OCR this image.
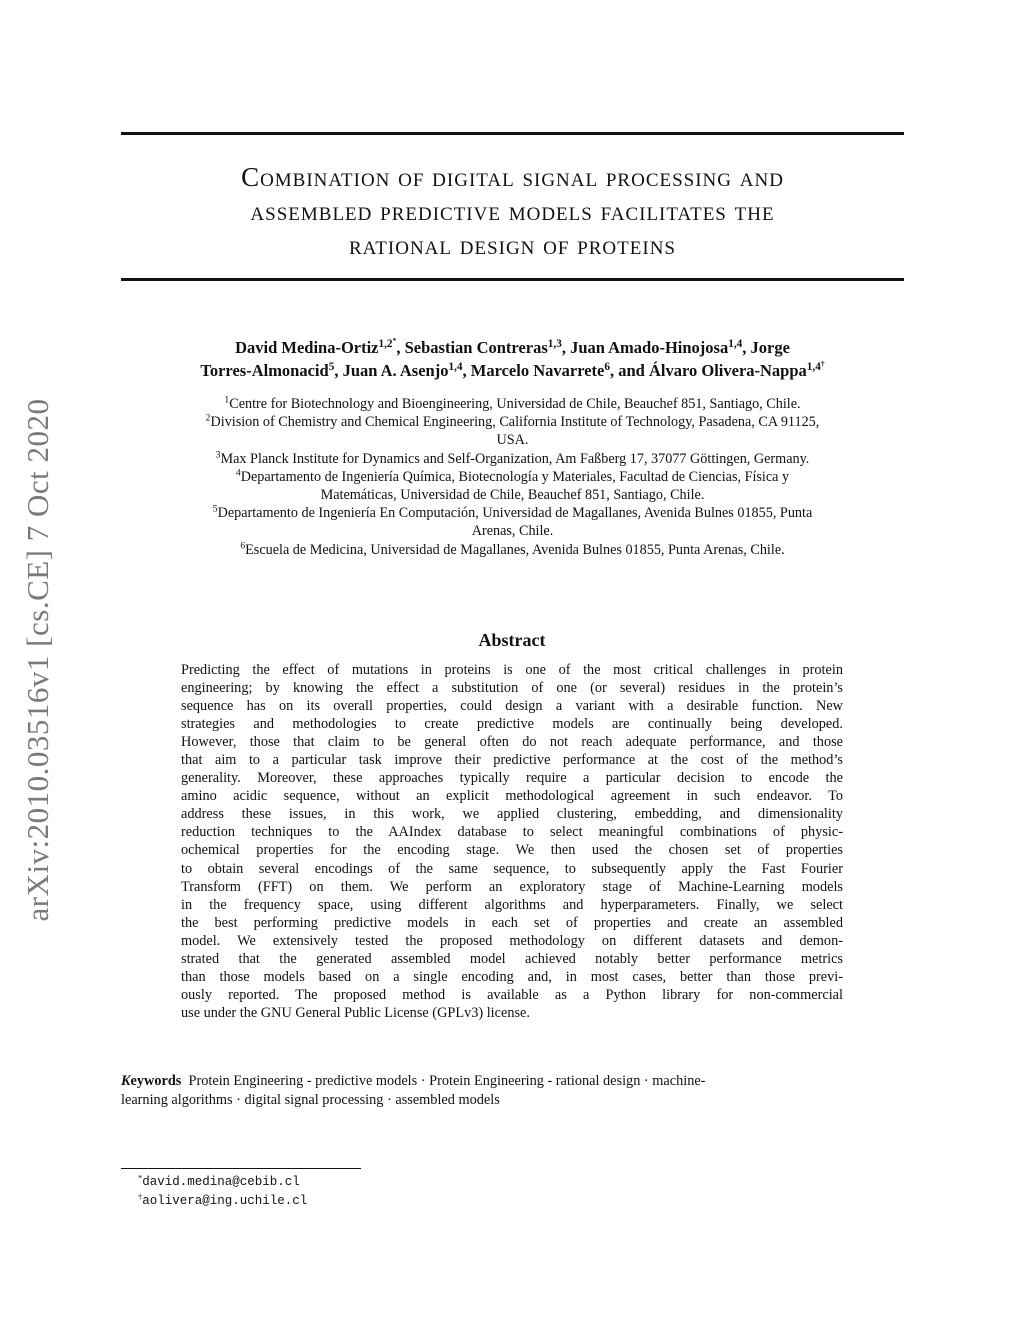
arXiv:2010.03516v1 [cs.CE] 7 Oct 2020
Combination of digital signal processing and
assembled predictive models facilitates the
rational design of proteins
David Medina-Ortiz$^{1,2^*}$, Sebastian Contreras$^{1,3}$, Juan Amado-Hinojosa$^{1,4}$, Jorge
Torres-Almonacid$^5$, Juan A. Asenjo$^{1,4}$, Marcelo Navarrete$^6$, and Álvaro Olivera-Nappa$^{1,4^\dagger}$
$^1$Centre for Biotechnology and Bioengineering, Universidad de Chile, Beauchef 851, Santiago, Chile.
$^2$Division of Chemistry and Chemical Engineering, California Institute of Technology, Pasadena, CA 91125,
USA.
$^3$Max Planck Institute for Dynamics and Self-Organization, Am Faßberg 17, 37077 Göttingen, Germany.
$^4$Departamento de Ingeniería Química, Biotecnología y Materiales, Facultad de Ciencias, Física y
Matemáticas, Universidad de Chile, Beauchef 851, Santiago, Chile.
$^5$Departamento de Ingeniería En Computación, Universidad de Magallanes, Avenida Bulnes 01855, Punta
Arenas, Chile.
$^6$Escuela de Medicina, Universidad de Magallanes, Avenida Bulnes 01855, Punta Arenas, Chile.
Abstract
Predicting the effect of mutations in proteins is one of the most critical challenges in protein
engineering; by knowing the effect a substitution of one (or several) residues in the protein’s
sequence has on its overall properties, could design a variant with a desirable function. New
strategies and methodologies to create predictive models are continually being developed.
However, those that claim to be general often do not reach adequate performance, and those
that aim to a particular task improve their predictive performance at the cost of the method’s
generality. Moreover, these approaches typically require a particular decision to encode the
amino acidic sequence, without an explicit methodological agreement in such endeavor. To
address these issues, in this work, we applied clustering, embedding, and dimensionality
reduction techniques to the AAIndex database to select meaningful combinations of physic-
ochemical properties for the encoding stage. We then used the chosen set of properties
to obtain several encodings of the same sequence, to subsequently apply the Fast Fourier
Transform (FFT) on them. We perform an exploratory stage of Machine-Learning models
in the frequency space, using different algorithms and hyperparameters. Finally, we select
the best performing predictive models in each set of properties and create an assembled
model. We extensively tested the proposed methodology on different datasets and demon-
strated that the generated assembled model achieved notably better performance metrics
than those models based on a single encoding and, in most cases, better than those previ-
ously reported. The proposed method is available as a Python library for non-commercial
use under the GNU General Public License (GPLv3) license.
Keywords Protein Engineering - predictive models · Protein Engineering - rational design · machine-
learning algorithms · digital signal processing · assembled models
*david.medina@cebib.cl
†aolivera@ing.uchile.cl
